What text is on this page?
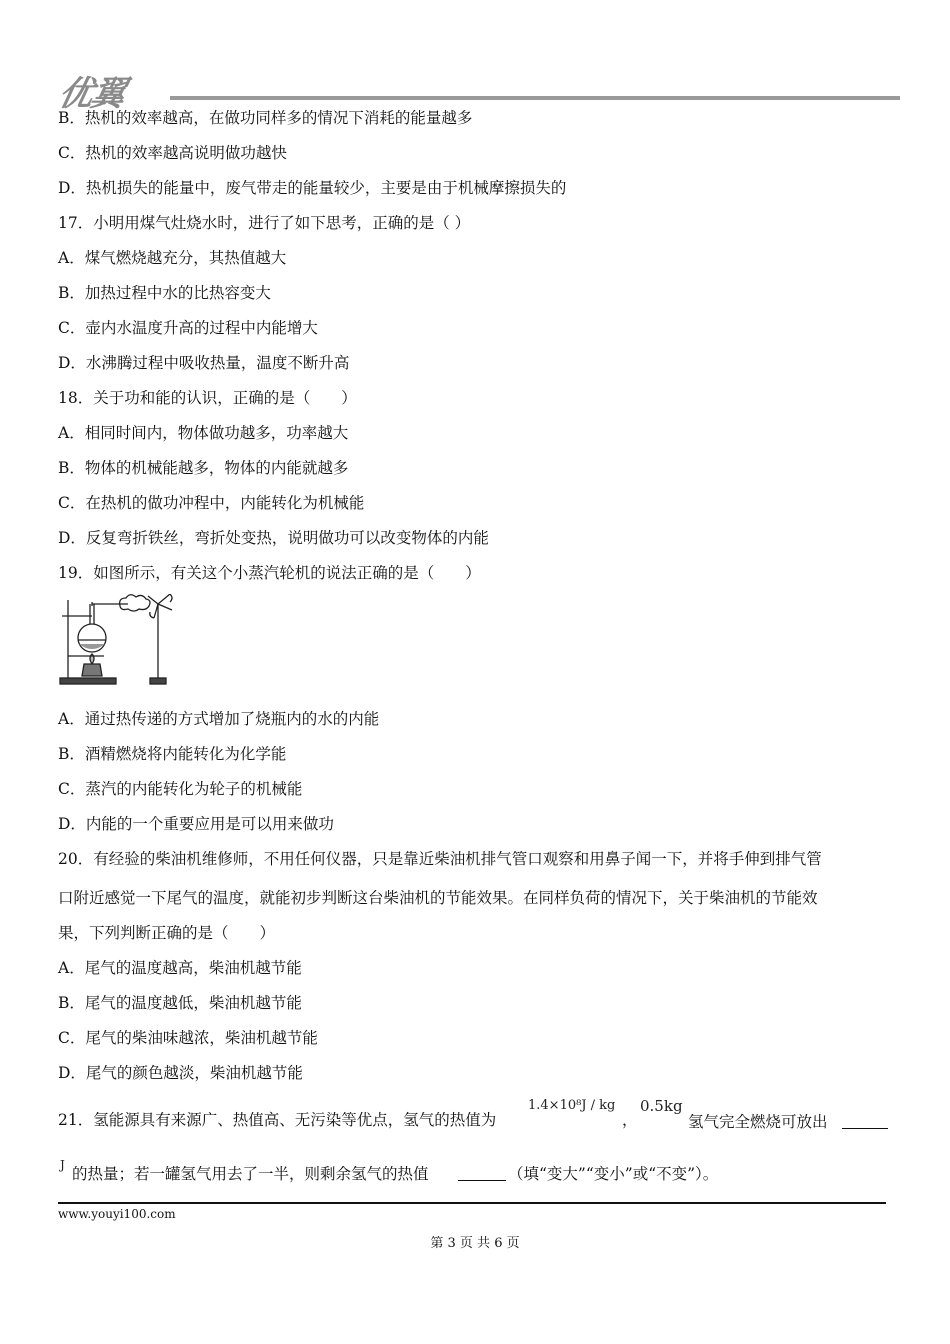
优翼
B．热机的效率越高，在做功同样多的情况下消耗的能量越多
C．热机的效率越高说明做功越快
D．热机损失的能量中，废气带走的能量较少，主要是由于机械摩擦损失的
17．小明用煤气灶烧水时，进行了如下思考，正确的是（ ）
A．煤气燃烧越充分，其热值越大
B．加热过程中水的比热容变大
C．壶内水温度升高的过程中内能增大
D．水沸腾过程中吸收热量，温度不断升高
18．关于功和能的认识，正确的是（　　）
A．相同时间内，物体做功越多，功率越大
B．物体的机械能越多，物体的内能就越多
C．在热机的做功冲程中，内能转化为机械能
D．反复弯折铁丝，弯折处变热，说明做功可以改变物体的内能
19．如图所示，有关这个小蒸汽轮机的说法正确的是（　　）
A．通过热传递的方式增加了烧瓶内的水的内能
B．酒精燃烧将内能转化为化学能
C．蒸汽的内能转化为轮子的机械能
D．内能的一个重要应用是可以用来做功
20．有经验的柴油机维修师，不用任何仪器，只是靠近柴油机排气管口观察和用鼻子闻一下，并将手伸到排气管
口附近感觉一下尾气的温度，就能初步判断这台柴油机的节能效果。在同样负荷的情况下，关于柴油机的节能效
果，下列判断正确的是（　　）
A．尾气的温度越高，柴油机越节能
B．尾气的温度越低，柴油机越节能
C．尾气的柴油味越浓，柴油机越节能
D．尾气的颜色越淡，柴油机越节能
21．氢能源具有来源广、热值高、无污染等优点，氢气的热值为
1.4×10⁸J / kg
，
0.5kg
氢气完全燃烧可放出
J 的热量；若一罐氢气用去了一半，则剩余氢气的热值	（填“变大”“变小”或“不变”）。
www.youyi100.com
第 3 页 共 6 页
